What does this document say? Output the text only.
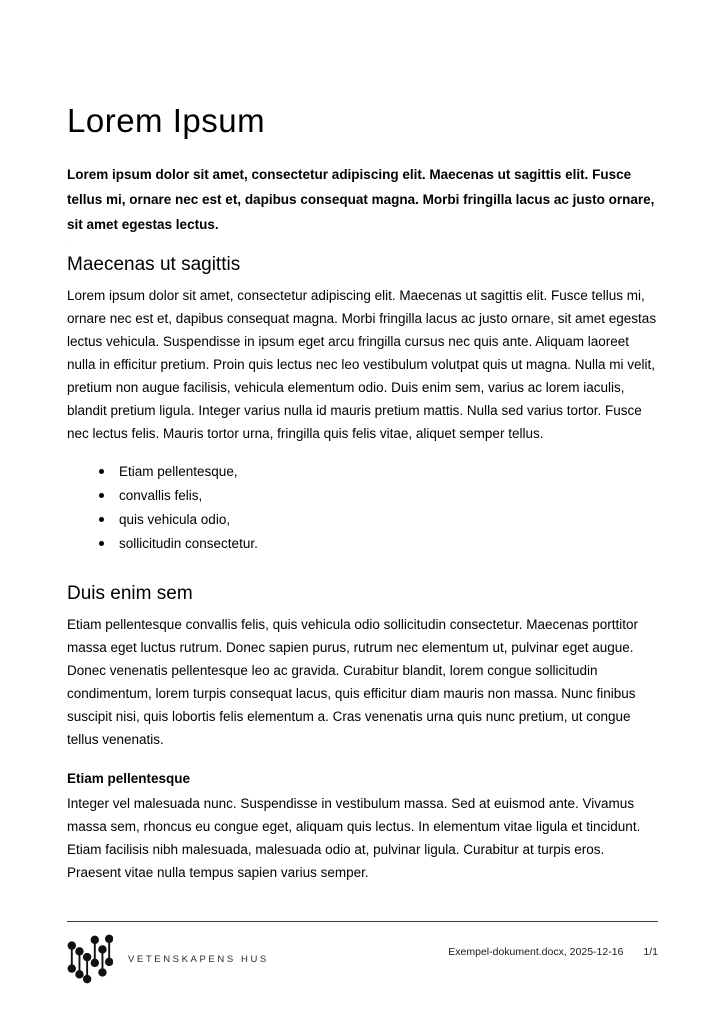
Lorem Ipsum

Lorem ipsum dolor sit amet, consectetur adipiscing elit. Maecenas ut sagittis elit. Fusce tellus mi, ornare nec est et, dapibus consequat magna. Morbi fringilla lacus ac justo ornare, sit amet egestas lectus.

·
Maecenas ut sagittis

Lorem ipsum dolor sit amet, consectetur adipiscing elit. Maecenas ut sagittis elit. Fusce tellus mi, ornare nec est et, dapibus consequat magna. Morbi fringilla lacus ac justo ornare, sit amet egestas lectus vehicula. Suspendisse in ipsum eget arcu fringilla cursus nec quis ante. Aliquam laoreet nulla in efficitur pretium. Proin quis lectus nec leo vestibulum volutpat quis ut magna. Nulla mi velit, pretium non augue facilisis, vehicula elementum odio. Duis enim sem, varius ac lorem iaculis, blandit pretium ligula. Integer varius nulla id mauris pretium mattis. Nulla sed varius tortor. Fusce nec lectus felis. Mauris tortor urna, fringilla quis felis vitae, aliquet semper tellus.

Etiam pellentesque,
convallis felis,
quis vehicula odio,
sollicitudin consectetur.
Duis enim sem

Etiam pellentesque convallis felis, quis vehicula odio sollicitudin consectetur. Maecenas porttitor massa eget luctus rutrum. Donec sapien purus, rutrum nec elementum ut, pulvinar eget augue. Donec venenatis pellentesque leo ac gravida. Curabitur blandit, lorem congue sollicitudin condimentum, lorem turpis consequat lacus, quis efficitur diam mauris non massa. Nunc finibus suscipit nisi, quis lobortis felis elementum a. Cras venenatis urna quis nunc pretium, ut congue tellus venenatis.

Etiam pellentesque

Integer vel malesuada nunc. Suspendisse in vestibulum massa. Sed at euismod ante. Vivamus massa sem, rhoncus eu congue eget, aliquam quis lectus. In elementum vitae ligula et tincidunt. Etiam facilisis nibh malesuada, malesuada odio at, pulvinar ligula. Curabitur at turpis eros. Praesent vitae nulla tempus sapien varius semper.

VETENSKAPENS HUS
Exempel-dokument.docx, 2025-12-16 1/1
